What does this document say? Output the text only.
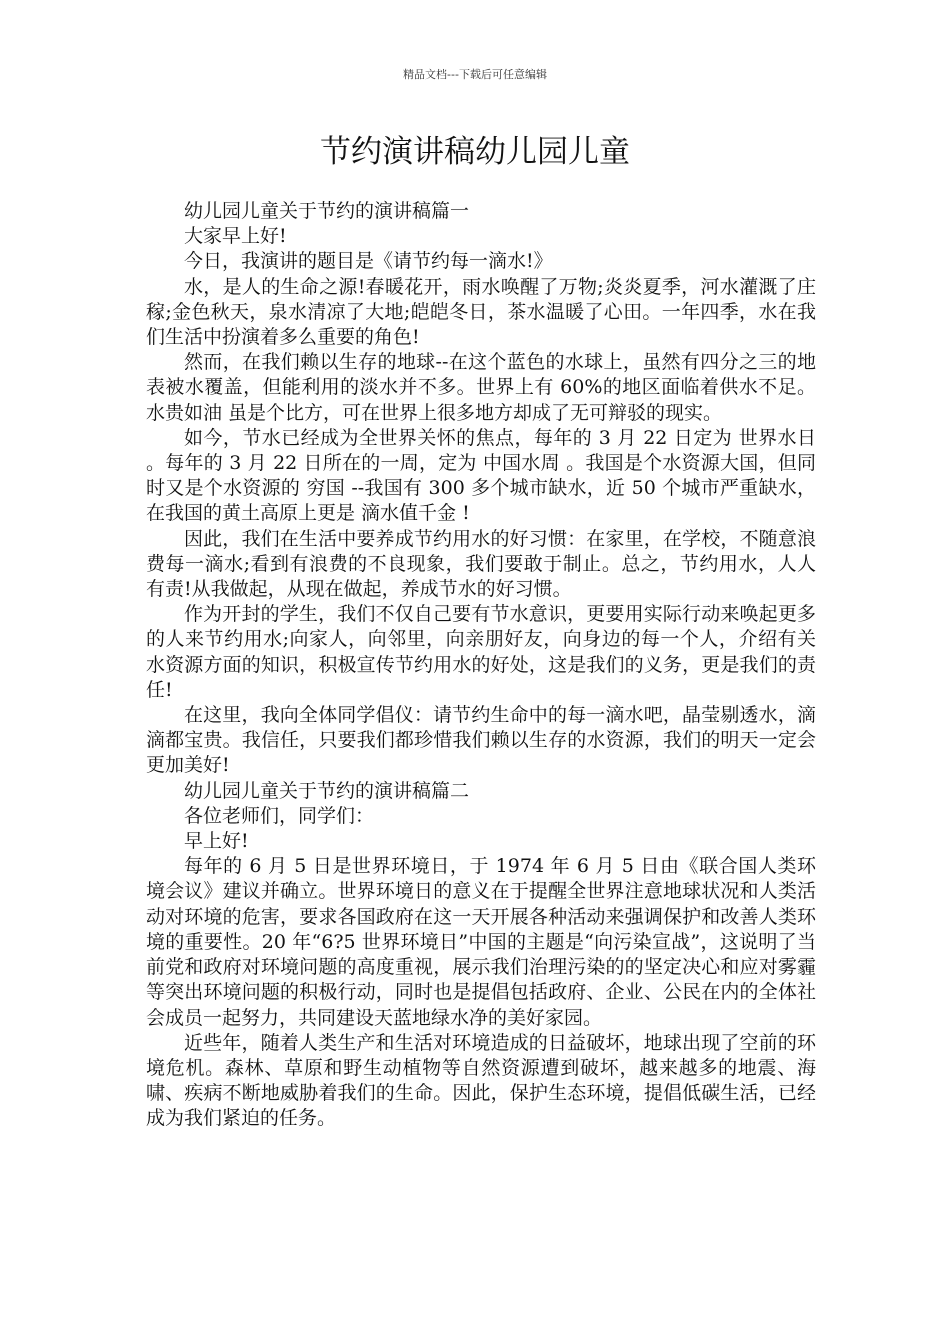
精品文档---下载后可任意编辑
节约演讲稿幼儿园儿童

幼儿园儿童关于节约的演讲稿篇一

大家早上好!

今日，我演讲的题目是《请节约每一滴水!》

水，是人的生命之源!春暖花开，雨水唤醒了万物;炎炎夏季，河水灌溉了庄稼;金色秋天，泉水清凉了大地;皑皑冬日，茶水温暖了心田。一年四季，水在我们生活中扮演着多么重要的角色!

然而，在我们赖以生存的地球--在这个蓝色的水球上，虽然有四分之三的地表被水覆盖，但能利用的淡水并不多。世界上有 60%的地区面临着供水不足。 水贵如油 虽是个比方，可在世界上很多地方却成了无可辩驳的现实。

如今，节水已经成为全世界关怀的焦点，每年的 3 月 22 日定为 世界水日 。每年的 3 月 22 日所在的一周，定为 中国水周 。我国是个水资源大国，但同时又是个水资源的 穷国 --我国有 300 多个城市缺水，近 50 个城市严重缺水，在我国的黄土高原上更是 滴水值千金 !

因此，我们在生活中要养成节约用水的好习惯：在家里，在学校，不随意浪费每一滴水;看到有浪费的不良现象，我们要敢于制止。总之，节约用水，人人有责!从我做起，从现在做起，养成节水的好习惯。

作为开封的学生，我们不仅自己要有节水意识，更要用实际行动来唤起更多的人来节约用水;向家人，向邻里，向亲朋好友，向身边的每一个人，介绍有关水资源方面的知识，积极宣传节约用水的好处，这是我们的义务，更是我们的责任!

在这里，我向全体同学倡仪：请节约生命中的每一滴水吧，晶莹剔透水，滴滴都宝贵。我信任，只要我们都珍惜我们赖以生存的水资源，我们的明天一定会更加美好!

幼儿园儿童关于节约的演讲稿篇二

各位老师们，同学们：

早上好!

每年的 6 月 5 日是世界环境日，于 1974 年 6 月 5 日由《联合国人类环境会议》建议并确立。世界环境日的意义在于提醒全世界注意地球状况和人类活动对环境的危害，要求各国政府在这一天开展各种活动来强调保护和改善人类环境的重要性。20 年“6?5 世界环境日”中国的主题是“向污染宣战”，这说明了当前党和政府对环境问题的高度重视，展示我们治理污染的的坚定决心和应对雾霾等突出环境问题的积极行动，同时也是提倡包括政府、企业、公民在内的全体社会成员一起努力，共同建设天蓝地绿水净的美好家园。

近些年，随着人类生产和生活对环境造成的日益破坏，地球出现了空前的环境危机。森林、草原和野生动植物等自然资源遭到破坏，越来越多的地震、海啸、疾病不断地威胁着我们的生命。因此，保护生态环境，提倡低碳生活，已经成为我们紧迫的任务。
